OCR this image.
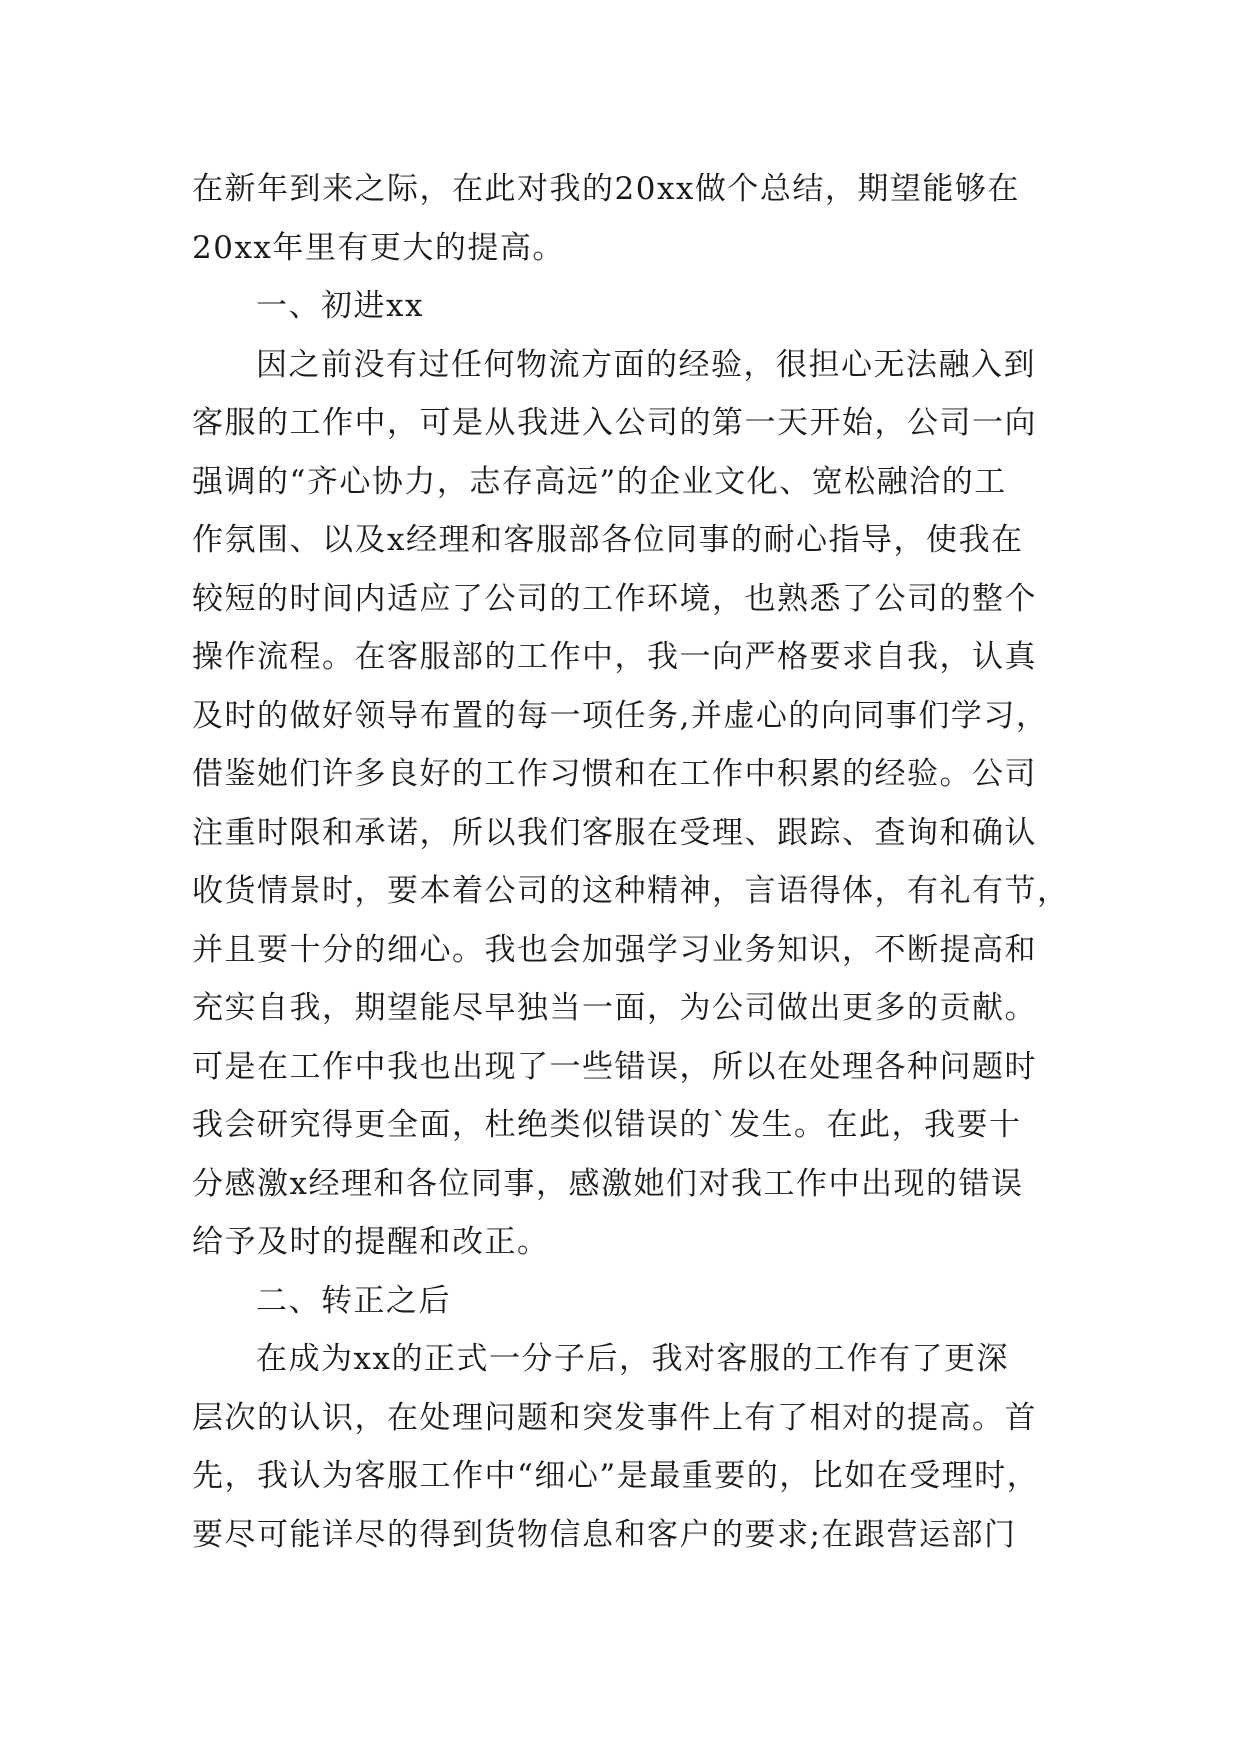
在新年到来之际，在此对我的20xx做个总结，期望能够在
20xx年里有更大的提高。
一、初进xx
因之前没有过任何物流方面的经验，很担心无法融入到
客服的工作中，可是从我进入公司的第一天开始，公司一向
强调的“齐心协力，志存高远”的企业文化、宽松融洽的工
作氛围、以及x经理和客服部各位同事的耐心指导，使我在
较短的时间内适应了公司的工作环境，也熟悉了公司的整个
操作流程。在客服部的工作中，我一向严格要求自我，认真
及时的做好领导布置的每一项任务,并虚心的向同事们学习，
借鉴她们许多良好的工作习惯和在工作中积累的经验。公司
注重时限和承诺，所以我们客服在受理、跟踪、查询和确认
收货情景时，要本着公司的这种精神，言语得体，有礼有节，
并且要十分的细心。我也会加强学习业务知识，不断提高和
充实自我，期望能尽早独当一面，为公司做出更多的贡献。
可是在工作中我也出现了一些错误，所以在处理各种问题时
我会研究得更全面，杜绝类似错误的`发生。在此，我要十
分感激x经理和各位同事，感激她们对我工作中出现的错误
给予及时的提醒和改正。
二、转正之后
在成为xx的正式一分子后，我对客服的工作有了更深
层次的认识，在处理问题和突发事件上有了相对的提高。首
先，我认为客服工作中“细心”是最重要的，比如在受理时，
要尽可能详尽的得到货物信息和客户的要求;在跟营运部门
